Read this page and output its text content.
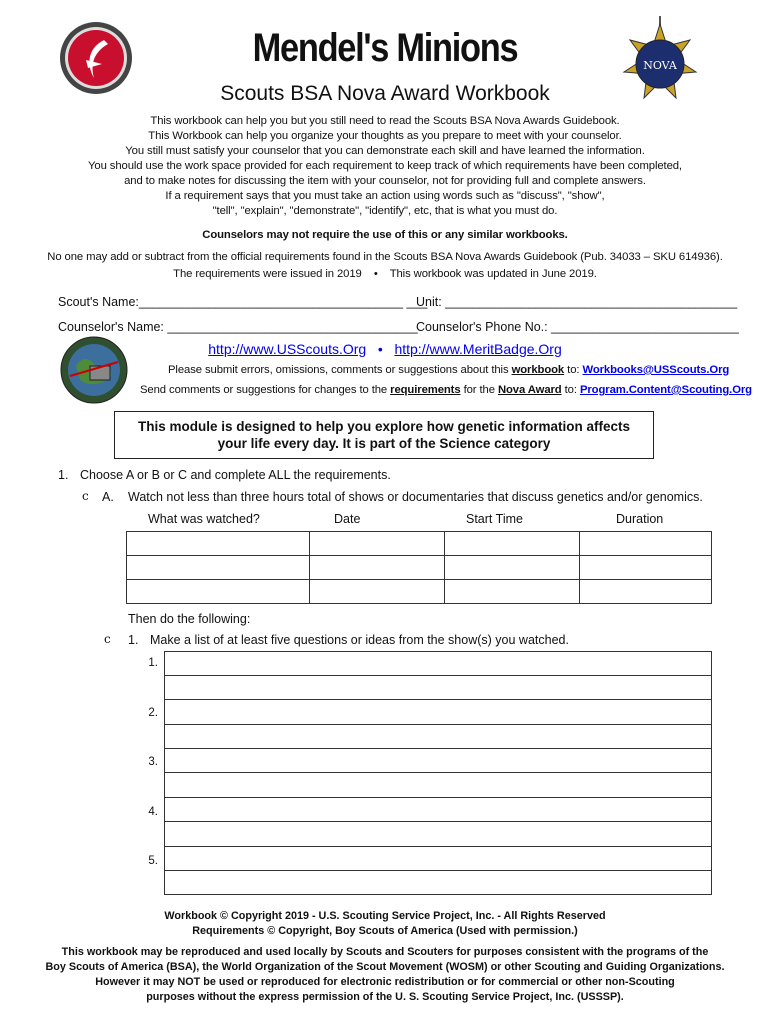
NOVA
Mendel's Minions
Scouts BSA Nova Award Workbook
This workbook can help you but you still need to read the Scouts BSA Nova Awards Guidebook.
This Workbook can help you organize your thoughts as you prepare to meet with your counselor.
You still must satisfy your counselor that you can demonstrate each skill and have learned the information.
You should use the work space provided for each requirement to keep track of which requirements have been completed,
and to make notes for discussing the item with your counselor, not for providing full and complete answers.
If a requirement says that you must take an action using words such as "discuss", "show",
"tell", "explain", "demonstrate", "identify", etc, that is what you must do.
Counselors may not require the use of this or any similar workbooks.
No one may add or subtract from the official requirements found in the Scouts BSA Nova Awards Guidebook (Pub. 34033 – SKU 614936).
The requirements were issued in 2019 • This workbook was updated in June 2019.
Scout's Name:______________________________________ ___
Unit: __________________________________________
Counselor's Name: ____________________________________
Counselor's Phone No.: ___________________________
http://www.USScouts.Org • http://www.MeritBadge.Org
Please submit errors, omissions, comments or suggestions about this workbook to: Workbooks@USScouts.Org
Send comments or suggestions for changes to the requirements for the Nova Award to: Program.Content@Scouting.Org
This module is designed to help you explore how genetic information affects
your life every day. It is part of the Science category
1. Choose A or B or C and complete ALL the requirements.
c A. Watch not less than three hours total of shows or documentaries that discuss genetics and/or genomics.
What was watched?	Date	Start Time	Duration

Then do the following:
c 1. Make a list of at least five questions or ideas from the show(s) you watched.
1.
2.
3.
4.
5.

Workbook © Copyright 2019 - U.S. Scouting Service Project, Inc. - All Rights Reserved
Requirements © Copyright, Boy Scouts of America (Used with permission.)
This workbook may be reproduced and used locally by Scouts and Scouters for purposes consistent with the programs of the
Boy Scouts of America (BSA), the World Organization of the Scout Movement (WOSM) or other Scouting and Guiding Organizations.
However it may NOT be used or reproduced for electronic redistribution or for commercial or other non-Scouting
purposes without the express permission of the U. S. Scouting Service Project, Inc. (USSSP).
